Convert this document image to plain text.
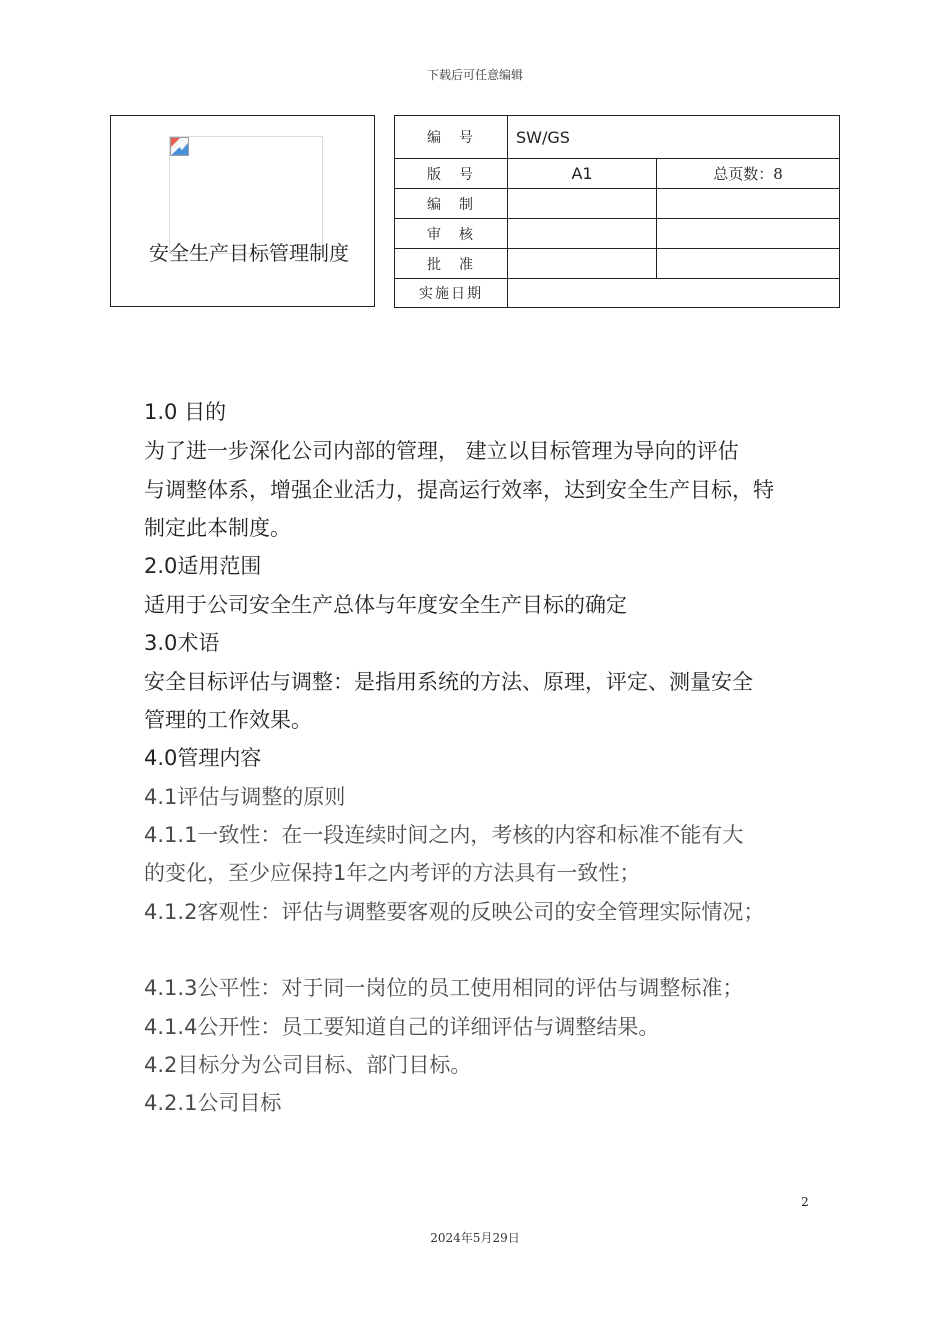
下载后可任意编辑
安全生产目标管理制度
编　号	SW/GS	
版　号	A1	总页数：8
编　制		
审　核		
批　准		
实施日期		
1.0 目的
为了进一步深化公司内部的管理， 建立以目标管理为导向的评估
与调整体系，增强企业活力，提高运行效率，达到安全生产目标，特
制定此本制度。
2.0适用范围
适用于公司安全生产总体与年度安全生产目标的确定
3.0术语
安全目标评估与调整：是指用系统的方法、原理，评定、测量安全
管理的工作效果。
4.0管理内容
4.1评估与调整的原则
4.1.1一致性：在一段连续时间之内，考核的内容和标准不能有大
的变化，至少应保持1年之内考评的方法具有一致性；
4.1.2客观性：评估与调整要客观的反映公司的安全管理实际情况；
4.1.3公平性：对于同一岗位的员工使用相同的评估与调整标准；
4.1.4公开性：员工要知道自己的详细评估与调整结果。
4.2目标分为公司目标、部门目标。
4.2.1公司目标
2
2024年5月29日
